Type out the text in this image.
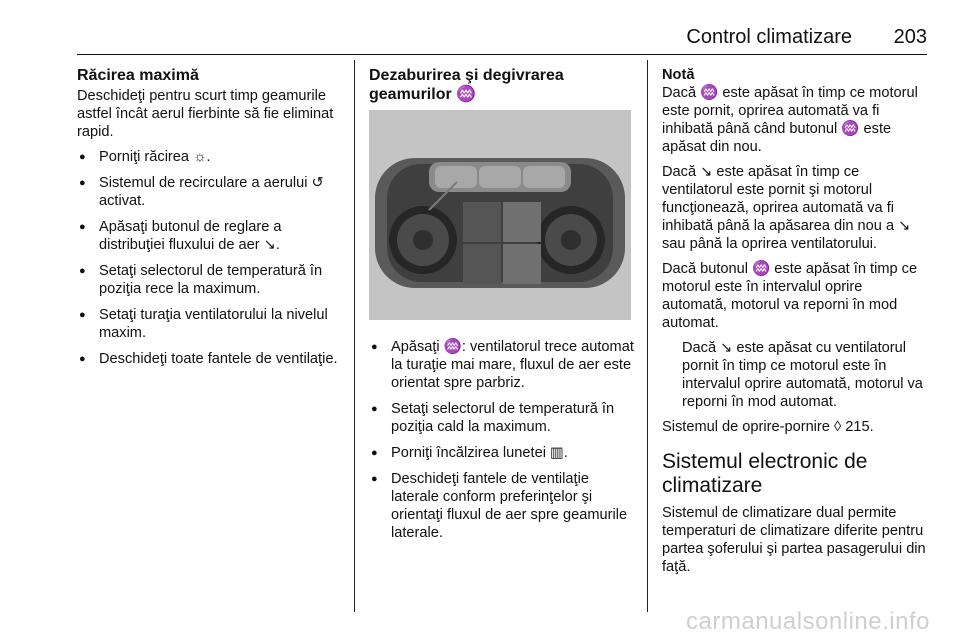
Control climatizare 203
Răcirea maximă

Deschideţi pentru scurt timp geamurile astfel încât aerul fierbinte să fie eliminat rapid.

● Porniţi răcirea ☼.
● Sistemul de recirculare a aerului ↺ activat.
● Apăsaţi butonul de reglare a distribuţiei fluxului de aer ↘.
● Setaţi selectorul de temperatură în poziţia rece la maximum.
● Setaţi turaţia ventilatorului la nivelul maxim.
● Deschideţi toate fantele de ventilaţie.
Dezaburirea şi degivrarea geamurilor ♒
● Apăsaţi ♒: ventilatorul trece automat la turaţie mai mare, fluxul de aer este orientat spre parbriz.
● Setaţi selectorul de temperatură în poziţia cald la maximum.
● Porniţi încălzirea lunetei ▥.
● Deschideţi fantele de ventilaţie laterale conform preferinţelor şi orientaţi fluxul de aer spre geamurile laterale.
Notă

Dacă ♒ este apăsat în timp ce motorul este pornit, oprirea automată va fi inhibată până când butonul ♒ este apăsat din nou.

Dacă ↘ este apăsat în timp ce ventilatorul este pornit şi motorul funcţionează, oprirea automată va fi inhibată până la apăsarea din nou a ↘ sau până la oprirea ventilatorului.

Dacă butonul ♒ este apăsat în timp ce motorul este în intervalul oprire automată, motorul va reporni în mod automat.

Dacă ↘ este apăsat cu ventilatorul pornit în timp ce motorul este în intervalul oprire automată, motorul va reporni în mod automat.

Sistemul de oprire-pornire ◊ 215.

Sistemul electronic de climatizare

Sistemul de climatizare dual permite temperaturi de climatizare diferite pentru partea şoferului şi partea pasagerului din faţă.

carmanualsonline.info
